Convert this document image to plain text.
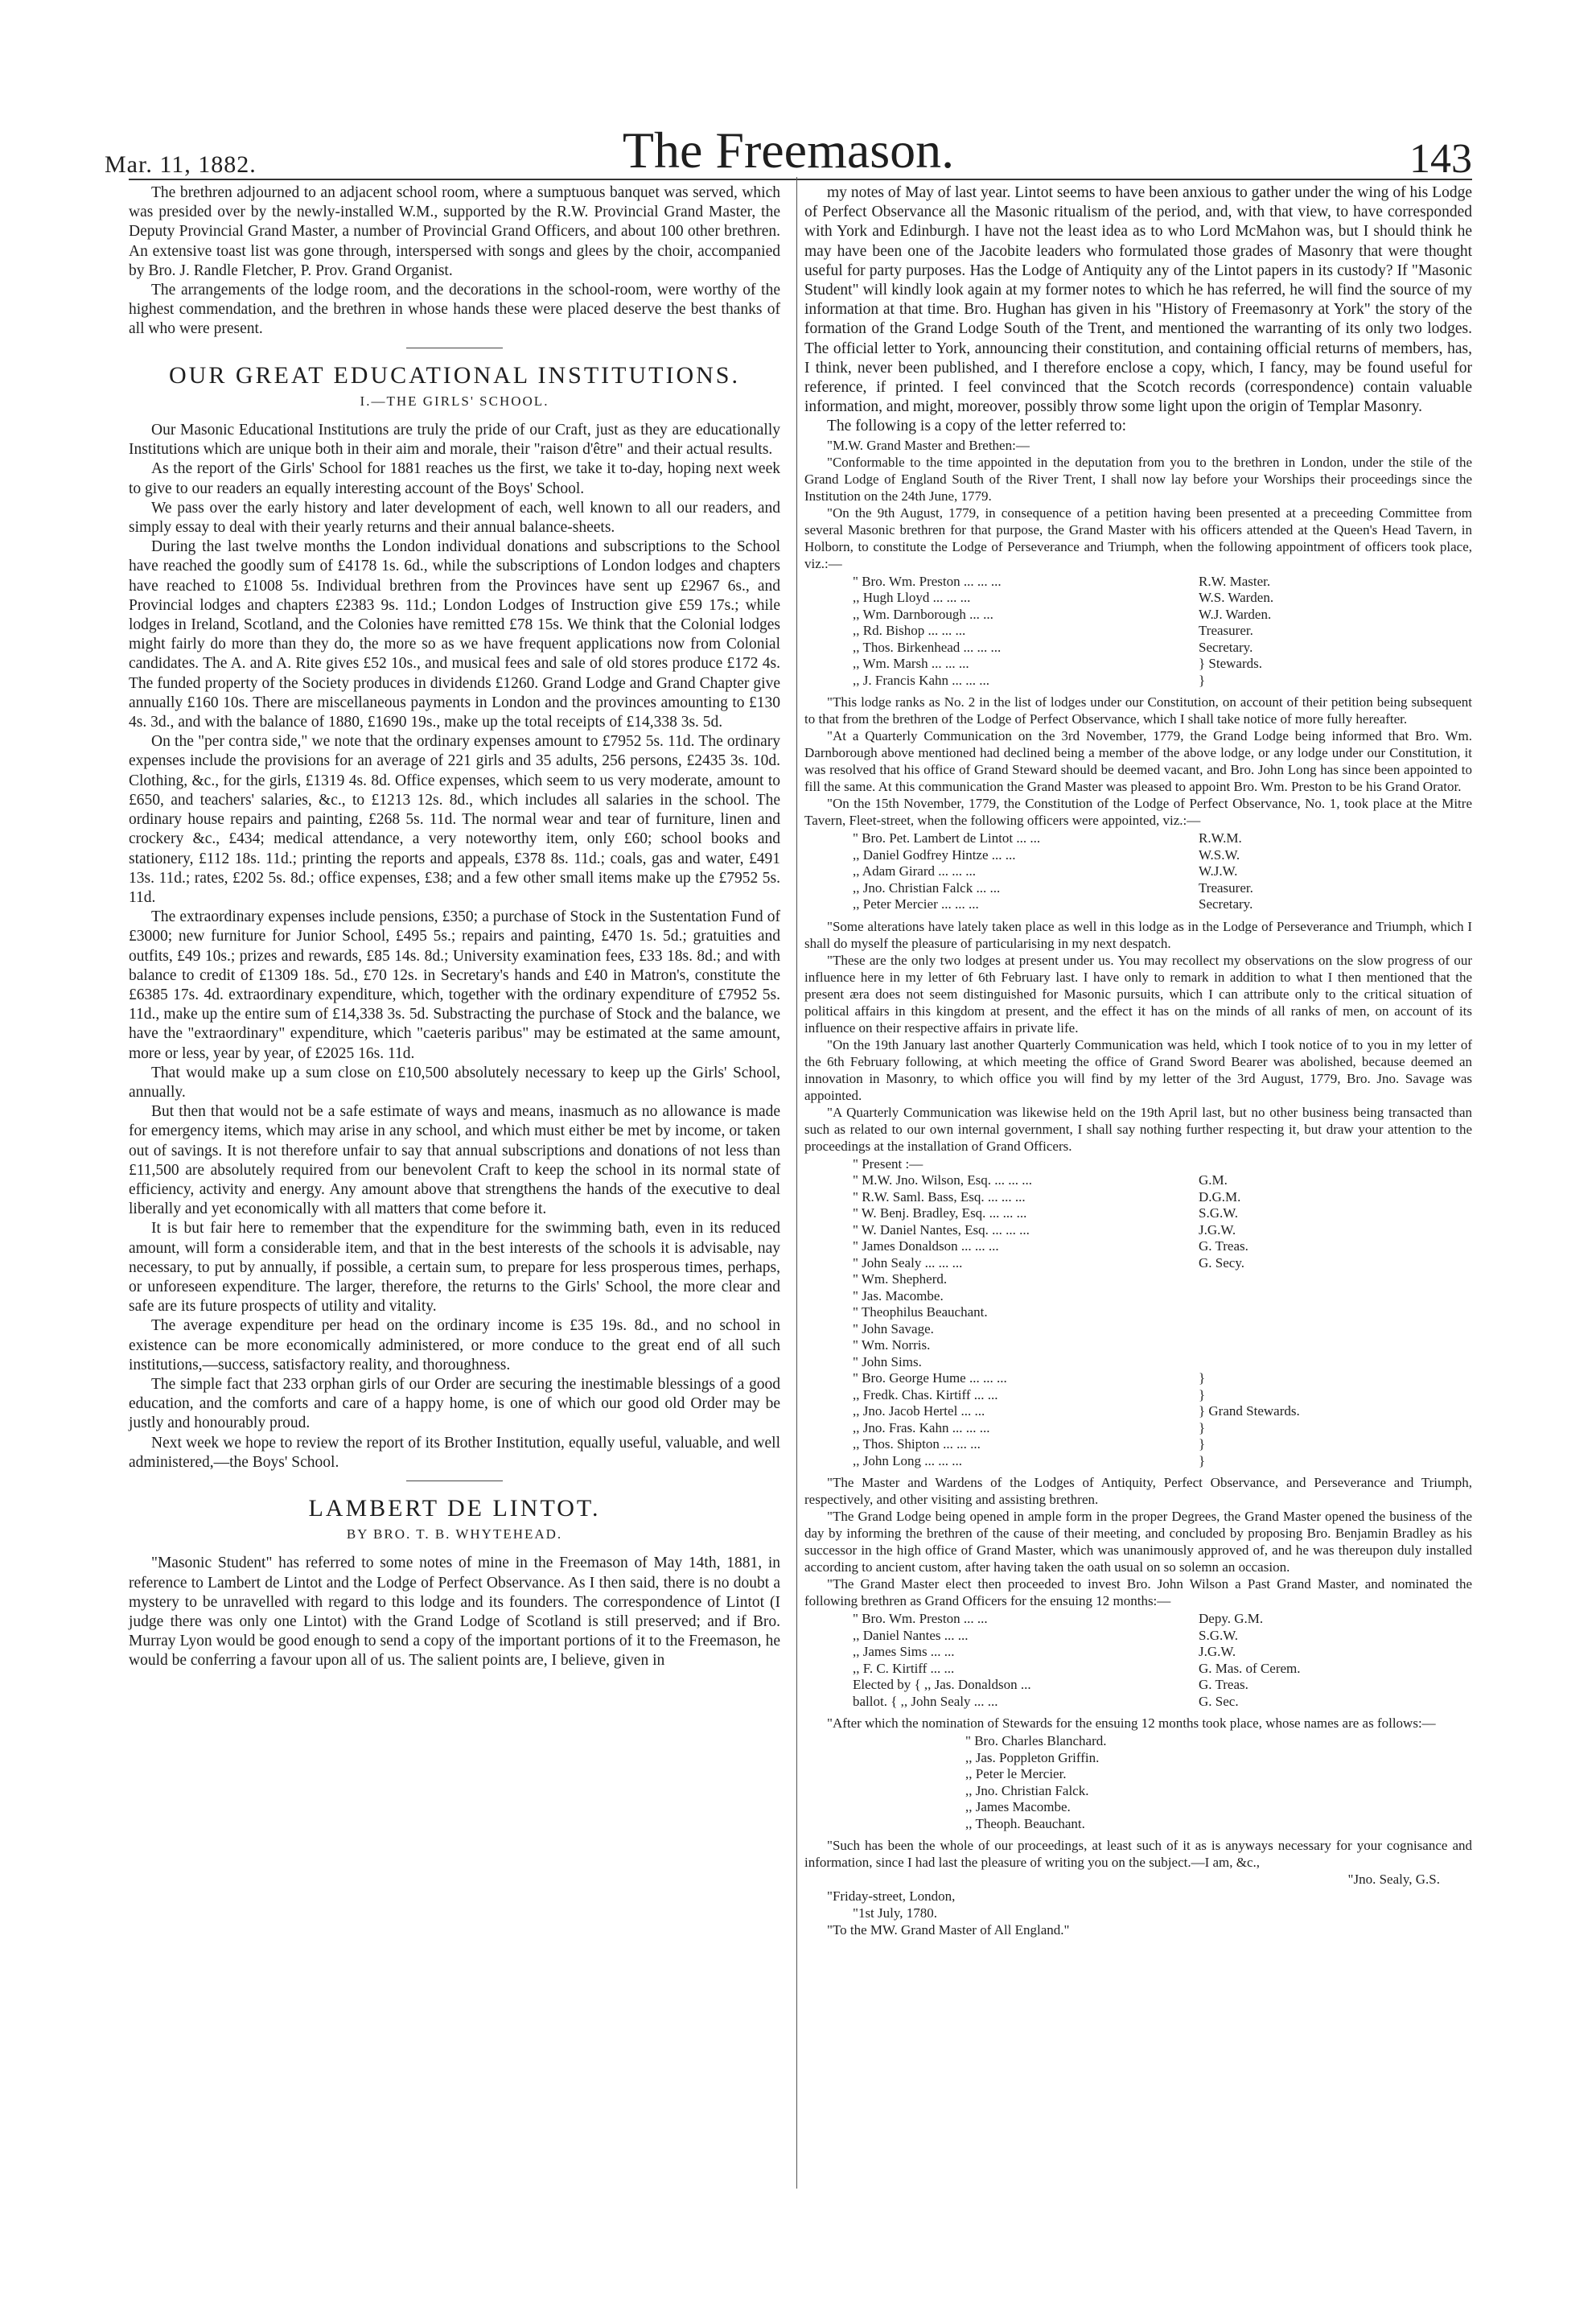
Mar. 11, 1882.	The Freemason.	143

The brethren adjourned to an adjacent school room, where a sumptuous banquet was served, which was presided over by the newly-installed W.M., supported by the R.W. Provincial Grand Master, the Deputy Provincial Grand Master, a number of Provincial Grand Officers, and about 100 other brethren. An extensive toast list was gone through, interspersed with songs and glees by the choir, accompanied by Bro. J. Randle Fletcher, P. Prov. Grand Organist.

The arrangements of the lodge room, and the decorations in the school-room, were worthy of the highest commendation, and the brethren in whose hands these were placed deserve the best thanks of all who were present.

OUR GREAT EDUCATIONAL INSTITUTIONS.
I.—THE GIRLS' SCHOOL.

Our Masonic Educational Institutions are truly the pride of our Craft, just as they are educationally Institutions which are unique both in their aim and morale, their "raison d'être" and their actual results.

As the report of the Girls' School for 1881 reaches us the first, we take it to-day, hoping next week to give to our readers an equally interesting account of the Boys' School.

We pass over the early history and later development of each, well known to all our readers, and simply essay to deal with their yearly returns and their annual balance-sheets.

During the last twelve months the London individual donations and subscriptions to the School have reached the goodly sum of £4178 1s. 6d., while the subscriptions of London lodges and chapters have reached to £1008 5s. Individual brethren from the Provinces have sent up £2967 6s., and Provincial lodges and chapters £2383 9s. 11d.; London Lodges of Instruction give £59 17s.; while lodges in Ireland, Scotland, and the Colonies have remitted £78 15s. We think that the Colonial lodges might fairly do more than they do, the more so as we have frequent applications now from Colonial candidates. The A. and A. Rite gives £52 10s., and musical fees and sale of old stores produce £172 4s. The funded property of the Society produces in dividends £1260. Grand Lodge and Grand Chapter give annually £160 10s. There are miscellaneous payments in London and the provinces amounting to £130 4s. 3d., and with the balance of 1880, £1690 19s., make up the total receipts of £14,338 3s. 5d.

On the "per contra side," we note that the ordinary expenses amount to £7952 5s. 11d. The ordinary expenses include the provisions for an average of 221 girls and 35 adults, 256 persons, £2435 3s. 10d. Clothing, &c., for the girls, £1319 4s. 8d. Office expenses, which seem to us very moderate, amount to £650, and teachers' salaries, &c., to £1213 12s. 8d., which includes all salaries in the school. The ordinary house repairs and painting, £268 5s. 11d. The normal wear and tear of furniture, linen and crockery &c., £434; medical attendance, a very noteworthy item, only £60; school books and stationery, £112 18s. 11d.; printing the reports and appeals, £378 8s. 11d.; coals, gas and water, £491 13s. 11d.; rates, £202 5s. 8d.; office expenses, £38; and a few other small items make up the £7952 5s. 11d.

The extraordinary expenses include pensions, £350; a purchase of Stock in the Sustentation Fund of £3000; new furniture for Junior School, £495 5s.; repairs and painting, £470 1s. 5d.; gratuities and outfits, £49 10s.; prizes and rewards, £85 14s. 8d.; University examination fees, £33 18s. 8d.; and with balance to credit of £1309 18s. 5d., £70 12s. in Secretary's hands and £40 in Matron's, constitute the £6385 17s. 4d. extraordinary expenditure, which, together with the ordinary expenditure of £7952 5s. 11d., make up the entire sum of £14,338 3s. 5d. Substracting the purchase of Stock and the balance, we have the "extraordinary" expenditure, which "caeteris paribus" may be estimated at the same amount, more or less, year by year, of £2025 16s. 11d.

That would make up a sum close on £10,500 absolutely necessary to keep up the Girls' School, annually.

But then that would not be a safe estimate of ways and means, inasmuch as no allowance is made for emergency items, which may arise in any school, and which must either be met by income, or taken out of savings. It is not therefore unfair to say that annual subscriptions and donations of not less than £11,500 are absolutely required from our benevolent Craft to keep the school in its normal state of efficiency, activity and energy. Any amount above that strengthens the hands of the executive to deal liberally and yet economically with all matters that come before it.

It is but fair here to remember that the expenditure for the swimming bath, even in its reduced amount, will form a considerable item, and that in the best interests of the schools it is advisable, nay necessary, to put by annually, if possible, a certain sum, to prepare for less prosperous times, perhaps, or unforeseen expenditure. The larger, therefore, the returns to the Girls' School, the more clear and safe are its future prospects of utility and vitality.

The average expenditure per head on the ordinary income is £35 19s. 8d., and no school in existence can be more economically administered, or more conduce to the great end of all such institutions,—success, satisfactory reality, and thoroughness.

The simple fact that 233 orphan girls of our Order are securing the inestimable blessings of a good education, and the comforts and care of a happy home, is one of which our good old Order may be justly and honourably proud.

Next week we hope to review the report of its Brother Institution, equally useful, valuable, and well administered,—the Boys' School.

LAMBERT DE LINTOT.
BY BRO. T. B. WHYTEHEAD.

"Masonic Student" has referred to some notes of mine in the Freemason of May 14th, 1881, in reference to Lambert de Lintot and the Lodge of Perfect Observance. As I then said, there is no doubt a mystery to be unravelled with regard to this lodge and its founders. The correspondence of Lintot (I judge there was only one Lintot) with the Grand Lodge of Scotland is still preserved; and if Bro. Murray Lyon would be good enough to send a copy of the important portions of it to the Freemason, he would be conferring a favour upon all of us. The salient points are, I believe, given in

my notes of May of last year. Lintot seems to have been anxious to gather under the wing of his Lodge of Perfect Observance all the Masonic ritualism of the period, and, with that view, to have corresponded with York and Edinburgh. I have not the least idea as to who Lord McMahon was, but I should think he may have been one of the Jacobite leaders who formulated those grades of Masonry that were thought useful for party purposes. Has the Lodge of Antiquity any of the Lintot papers in its custody? If "Masonic Student" will kindly look again at my former notes to which he has referred, he will find the source of my information at that time. Bro. Hughan has given in his "History of Freemasonry at York" the story of the formation of the Grand Lodge South of the Trent, and mentioned the warranting of its only two lodges. The official letter to York, announcing their constitution, and containing official returns of members, has, I think, never been published, and I therefore enclose a copy, which, I fancy, may be found useful for reference, if printed. I feel convinced that the Scotch records (correspondence) contain valuable information, and might, moreover, possibly throw some light upon the origin of Templar Masonry.

The following is a copy of the letter referred to:

"M.W. Grand Master and Brethen:—

"Conformable to the time appointed in the deputation from you to the brethren in London, under the stile of the Grand Lodge of England South of the River Trent, I shall now lay before your Worships their proceedings since the Institution on the 24th June, 1779.

"On the 9th August, 1779, in consequence of a petition having been presented at a preceeding Committee from several Masonic brethren for that purpose, the Grand Master with his officers attended at the Queen's Head Tavern, in Holborn, to constitute the Lodge of Perseverance and Triumph, when the following appointment of officers took place, viz.:—

" Bro. Wm. Preston ... ... ...	R.W. Master.
,, Hugh Lloyd ... ... ...	W.S. Warden.
,, Wm. Darnborough ... ...	W.J. Warden.
,, Rd. Bishop ... ... ...	Treasurer.
,, Thos. Birkenhead ... ... ...	Secretary.
,, Wm. Marsh ... ... ...	} Stewards.
,, J. Francis Kahn ... ... ...	}

"This lodge ranks as No. 2 in the list of lodges under our Constitution, on account of their petition being subsequent to that from the brethren of the Lodge of Perfect Observance, which I shall take notice of more fully hereafter.

"At a Quarterly Communication on the 3rd November, 1779, the Grand Lodge being informed that Bro. Wm. Darnborough above mentioned had declined being a member of the above lodge, or any lodge under our Constitution, it was resolved that his office of Grand Steward should be deemed vacant, and Bro. John Long has since been appointed to fill the same. At this communication the Grand Master was pleased to appoint Bro. Wm. Preston to be his Grand Orator.

"On the 15th November, 1779, the Constitution of the Lodge of Perfect Observance, No. 1, took place at the Mitre Tavern, Fleet-street, when the following officers were appointed, viz.:—

" Bro. Pet. Lambert de Lintot ... ...	R.W.M.
,, Daniel Godfrey Hintze ... ...	W.S.W.
,, Adam Girard ... ... ...	W.J.W.
,, Jno. Christian Falck ... ...	Treasurer.
,, Peter Mercier ... ... ...	Secretary.

"Some alterations have lately taken place as well in this lodge as in the Lodge of Perseverance and Triumph, which I shall do myself the pleasure of particularising in my next despatch.

"These are the only two lodges at present under us. You may recollect my observations on the slow progress of our influence here in my letter of 6th February last. I have only to remark in addition to what I then mentioned that the present æra does not seem distinguished for Masonic pursuits, which I can attribute only to the critical situation of political affairs in this kingdom at present, and the effect it has on the minds of all ranks of men, on account of its influence on their respective affairs in private life.

"On the 19th January last another Quarterly Communication was held, which I took notice of to you in my letter of the 6th February following, at which meeting the office of Grand Sword Bearer was abolished, because deemed an innovation in Masonry, to which office you will find by my letter of the 3rd August, 1779, Bro. Jno. Savage was appointed.

"A Quarterly Communication was likewise held on the 19th April last, but no other business being transacted than such as related to our own internal government, I shall say nothing further respecting it, but draw your attention to the proceedings at the installation of Grand Officers.

" Present :—
" M.W. Jno. Wilson, Esq. ... ... ...	G.M.
" R.W. Saml. Bass, Esq. ... ... ...	D.G.M.
" W. Benj. Bradley, Esq. ... ... ...	S.G.W.
" W. Daniel Nantes, Esq. ... ... ...	J.G.W.
" James Donaldson ... ... ...	G. Treas.
" John Sealy ... ... ...	G. Secy.
" Wm. Shepherd.
" Jas. Macombe.
" Theophilus Beauchant.
" John Savage.
" Wm. Norris.
" John Sims.
" Bro. George Hume ... ... ...	}
,, Fredk. Chas. Kirtiff ... ...	}
,, Jno. Jacob Hertel ... ...	} Grand Stewards.
,, Jno. Fras. Kahn ... ... ...	}
,, Thos. Shipton ... ... ...	}
,, John Long ... ... ...	}

"The Master and Wardens of the Lodges of Antiquity, Perfect Observance, and Perseverance and Triumph, respectively, and other visiting and assisting brethren.

"The Grand Lodge being opened in ample form in the proper Degrees, the Grand Master opened the business of the day by informing the brethren of the cause of their meeting, and concluded by proposing Bro. Benjamin Bradley as his successor in the high office of Grand Master, which was unanimously approved of, and he was thereupon duly installed according to ancient custom, after having taken the oath usual on so solemn an occasion.

"The Grand Master elect then proceeded to invest Bro. John Wilson a Past Grand Master, and nominated the following brethren as Grand Officers for the ensuing 12 months:—

" Bro. Wm. Preston ... ...	Depy. G.M.
,, Daniel Nantes ... ...	S.G.W.
,, James Sims ... ...	J.G.W.
,, F. C. Kirtiff ... ...	G. Mas. of Cerem.
Elected by { ,, Jas. Donaldson ...	G. Treas.
ballot. { ,, John Sealy ... ...	G. Sec.

"After which the nomination of Stewards for the ensuing 12 months took place, whose names are as follows:—

" Bro. Charles Blanchard.
,, Jas. Poppleton Griffin.
,, Peter le Mercier.
,, Jno. Christian Falck.
,, James Macombe.
,, Theoph. Beauchant.

"Such has been the whole of our proceedings, at least such of it as is anyways necessary for your cognisance and information, since I had last the pleasure of writing you on the subject.—I am, &c.,

"Jno. Sealy, G.S.

"Friday-street, London,

"1st July, 1780.

"To the MW. Grand Master of All England."
